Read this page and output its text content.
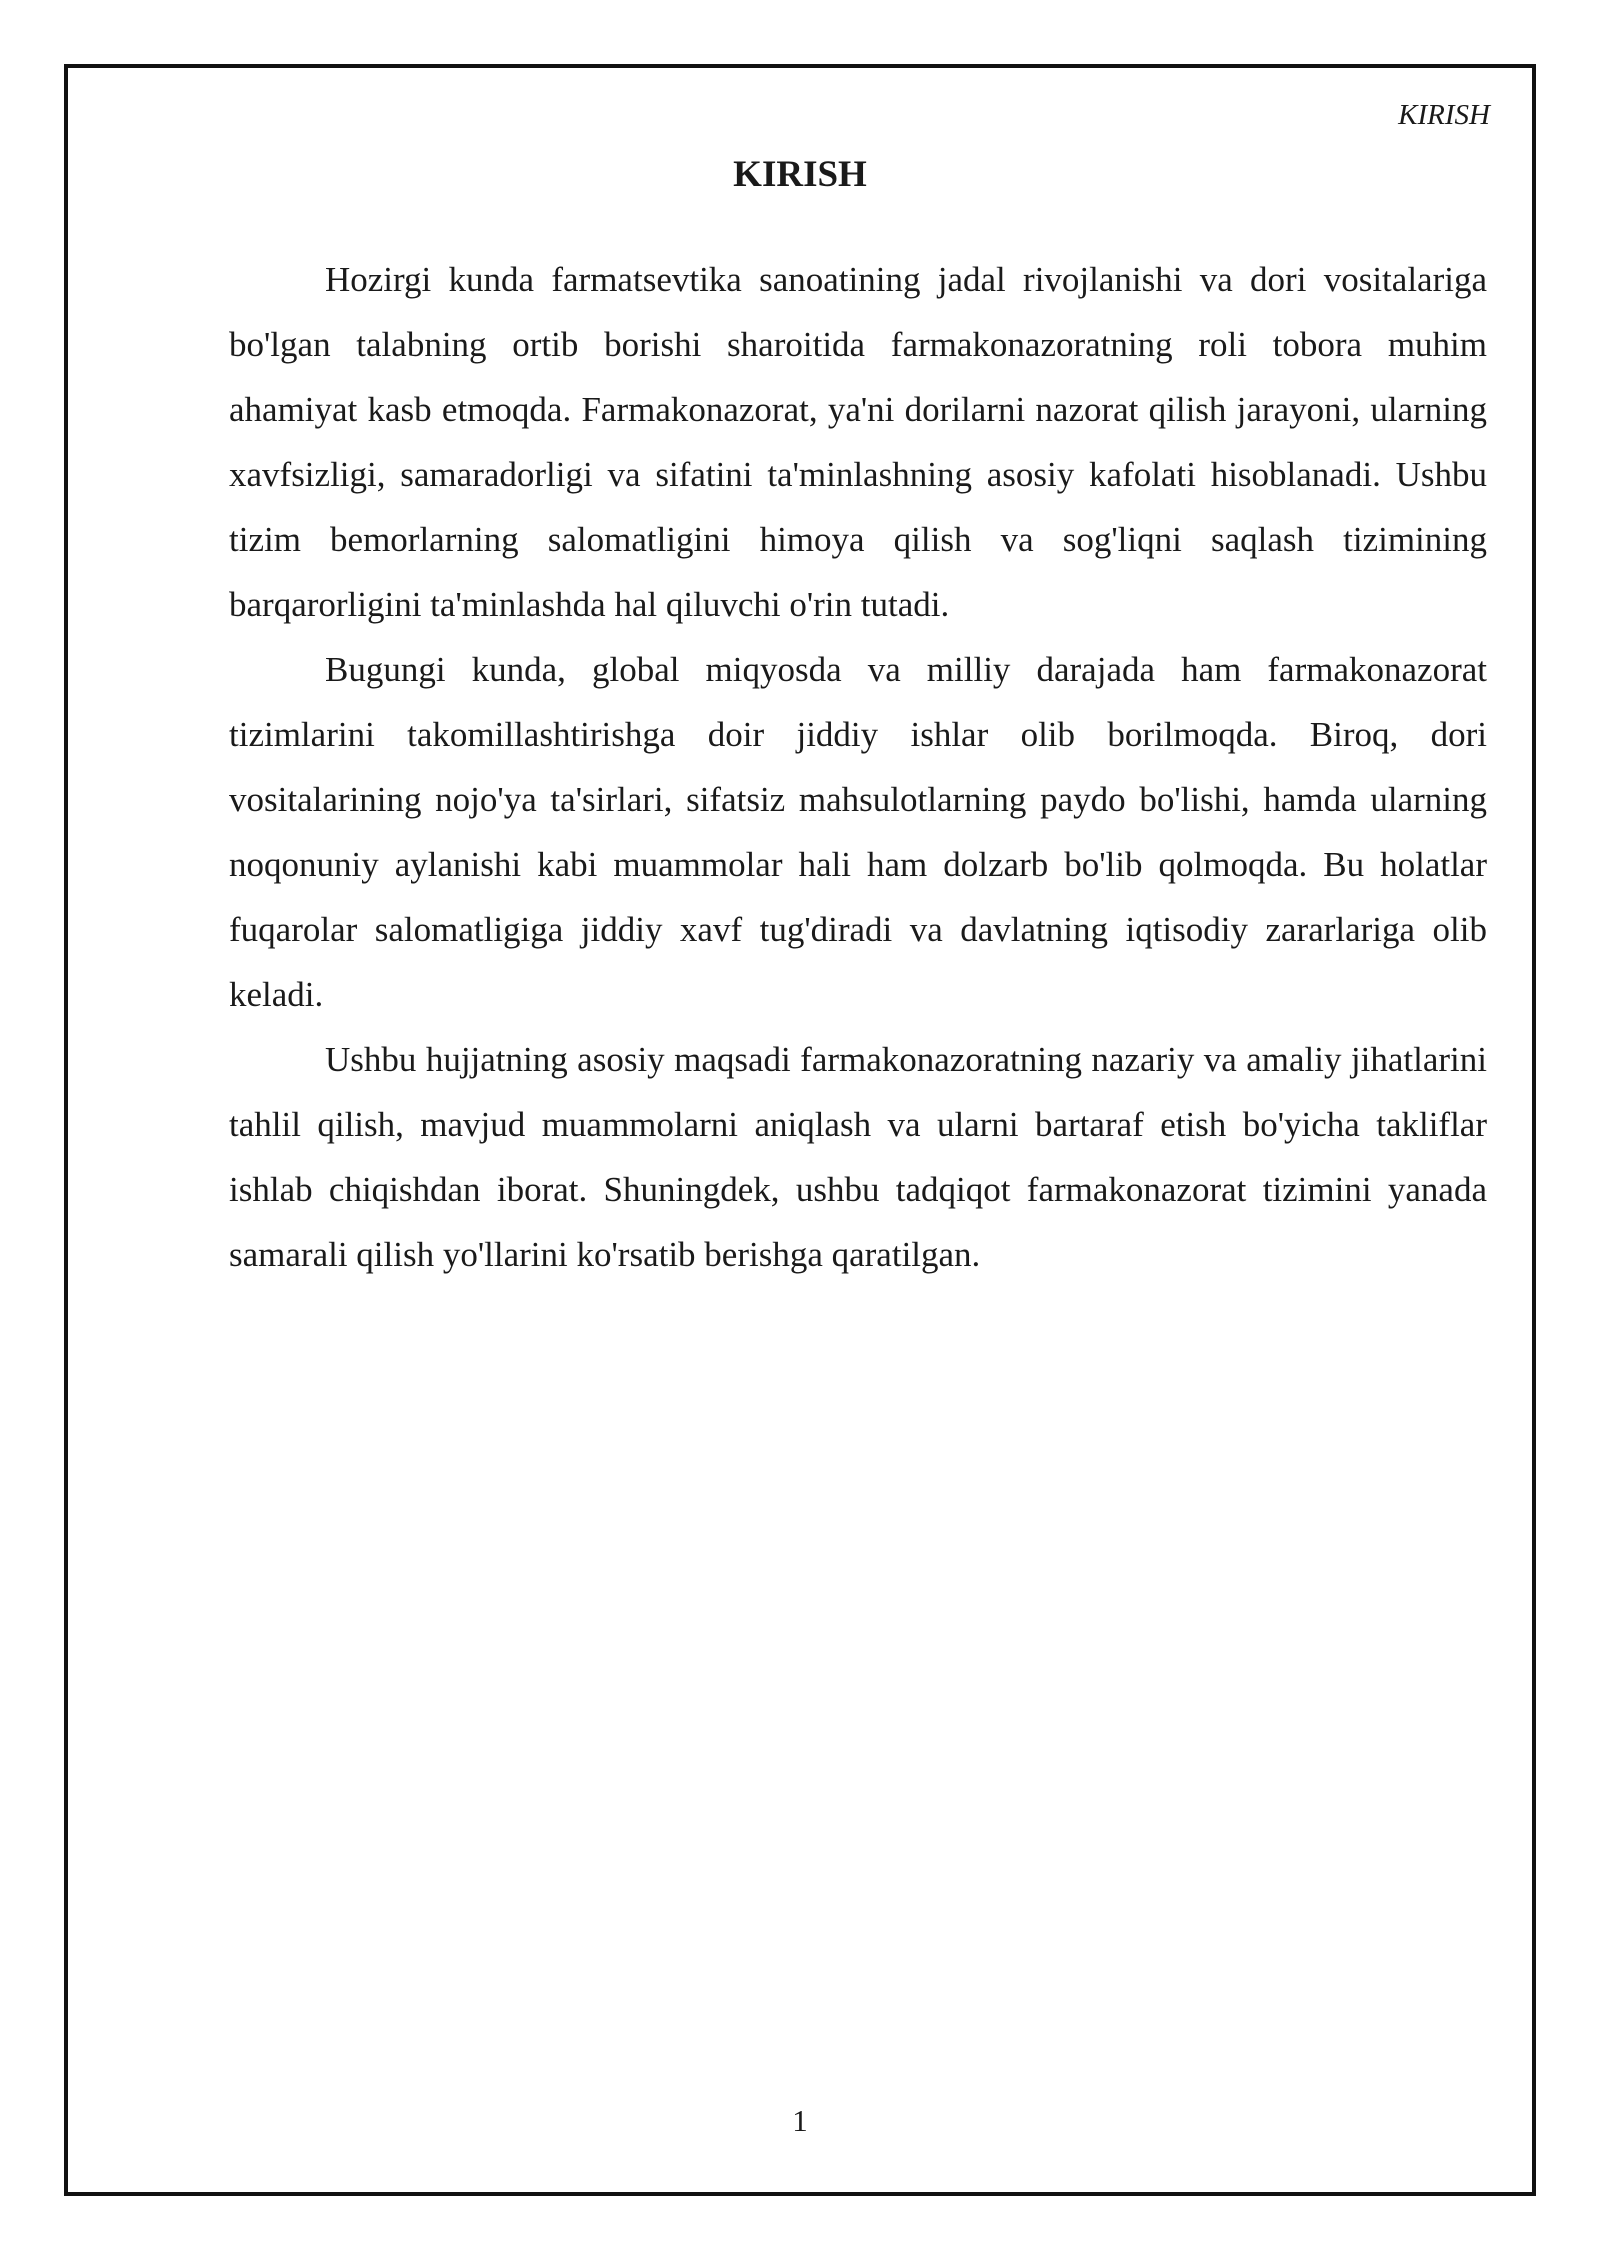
KIRISH
KIRISH

Hozirgi kunda farmatsevtika sanoatining jadal rivojlanishi va dori vositalariga bo'lgan talabning ortib borishi sharoitida farmakonazoratning roli tobora muhim ahamiyat kasb etmoqda. Farmakonazorat, ya'ni dorilarni nazorat qilish jarayoni, ularning xavfsizligi, samaradorligi va sifatini ta'minlashning asosiy kafolati hisoblanadi. Ushbu tizim bemorlarning salomatligini himoya qilish va sog'liqni saqlash tizimining barqarorligini ta'minlashda hal qiluvchi o'rin tutadi.

Bugungi kunda, global miqyosda va milliy darajada ham farmakonazorat tizimlarini takomillashtirishga doir jiddiy ishlar olib borilmoqda. Biroq, dori vositalarining nojo'ya ta'sirlari, sifatsiz mahsulotlarning paydo bo'lishi, hamda ularning noqonuniy aylanishi kabi muammolar hali ham dolzarb bo'lib qolmoqda. Bu holatlar fuqarolar salomatligiga jiddiy xavf tug'diradi va davlatning iqtisodiy zararlariga olib keladi.

Ushbu hujjatning asosiy maqsadi farmakonazoratning nazariy va amaliy jihatlarini tahlil qilish, mavjud muammolarni aniqlash va ularni bartaraf etish bo'yicha takliflar ishlab chiqishdan iborat. Shuningdek, ushbu tadqiqot farmakonazorat tizimini yanada samarali qilish yo'llarini ko'rsatib berishga qaratilgan.

1
